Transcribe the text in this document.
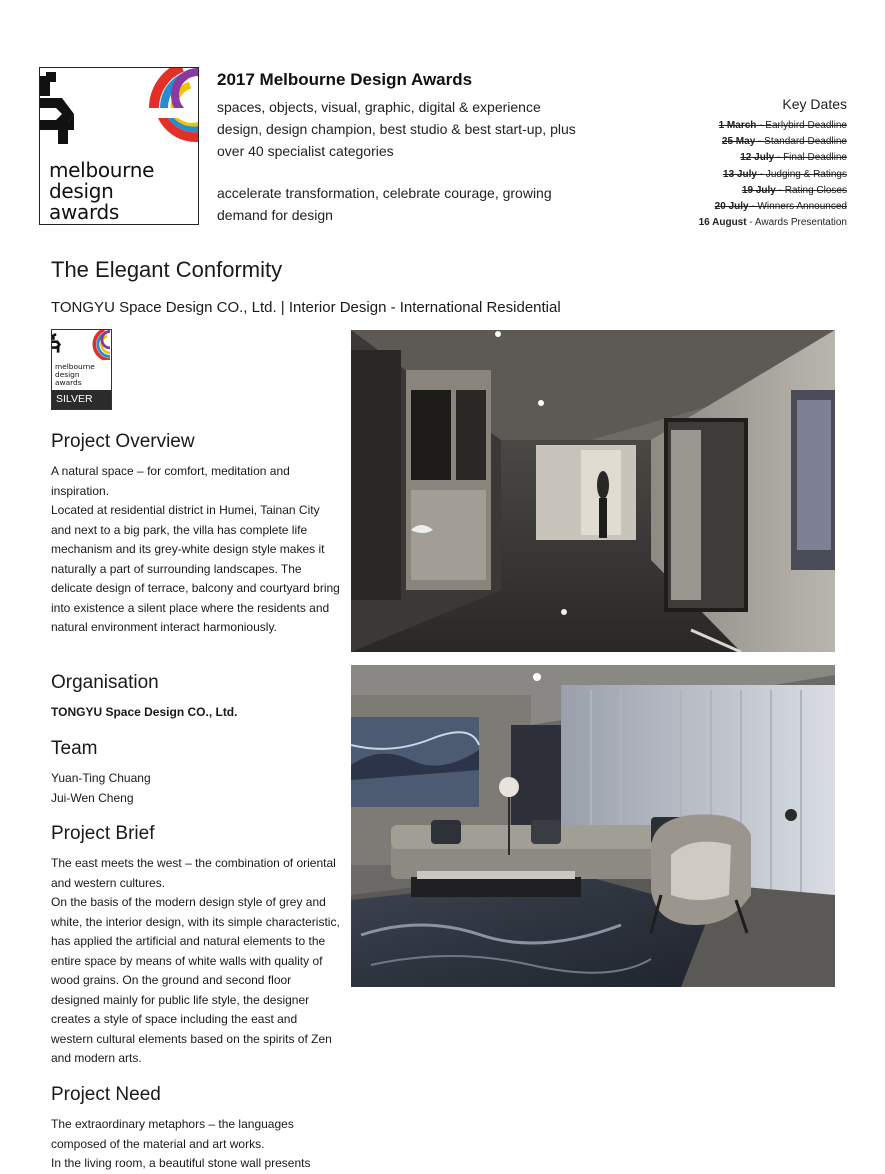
melbourne
design
awards
2017 Melbourne Design Awards
spaces, objects, visual, graphic, digital & experience design, design champion, best studio & best start-up, plus over 40 specialist categories
accelerate transformation, celebrate courage, growing demand for design
Key Dates
1 March - Earlybird Deadline
25 May - Standard Deadline
12 July - Final Deadline
13 July - Judging & Ratings
19 July - Rating Closes
20 July - Winners Announced
16 August - Awards Presentation
The Elegant Conformity
TONGYU Space Design CO., Ltd. | Interior Design - International Residential
melbourne
design
awards
SILVER
Project Overview

A natural space – for comfort, meditation and inspiration.

Located at residential district in Humei, Tainan City and next to a big park, the villa has complete life mechanism and its grey-white design style makes it naturally a part of surrounding landscapes. The delicate design of terrace, balcony and courtyard bring into existence a silent place where the residents and natural environment interact harmoniously.

Organisation
TONGYU Space Design CO., Ltd.
Team

Yuan-Ting Chuang

Jui-Wen Cheng

Project Brief

The east meets the west – the combination of oriental and western cultures.

On the basis of the modern design style of grey and white, the interior design, with its simple characteristic, has applied the artificial and natural elements to the entire space by means of white walls with quality of wood grains. On the ground and second floor designed mainly for public life style, the designer creates a style of space including the east and western cultural elements based on the spirits of Zen and modern arts.

Project Need

The extraordinary metaphors – the languages composed of the material and art works.

In the living room, a beautiful stone wall presents
